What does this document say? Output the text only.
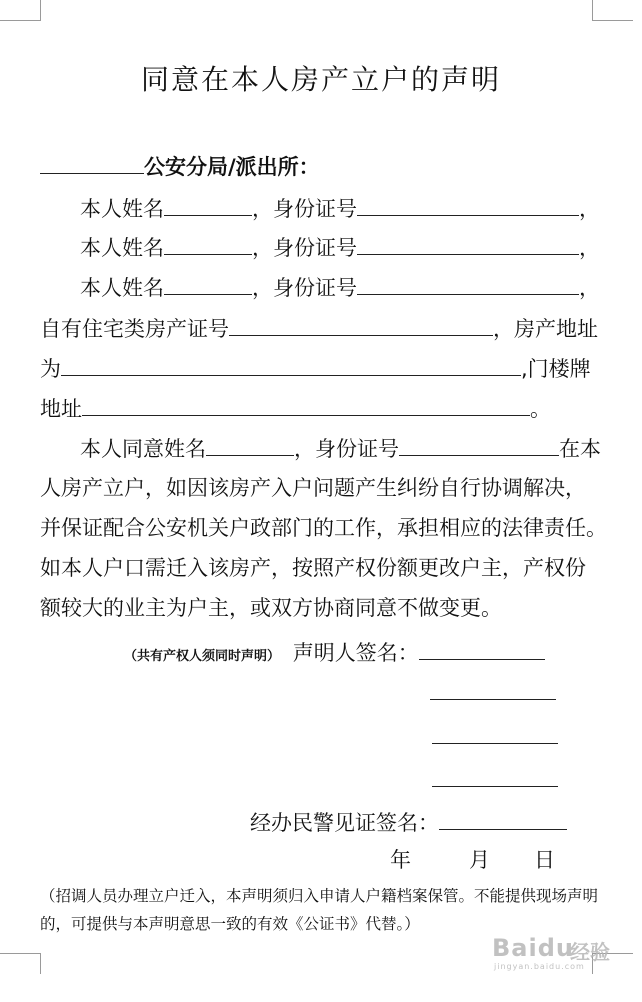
同意在本人房产立户的声明
公安分局/派出所：
本人姓名	，身份证号	，
本人姓名	，身份证号	，
本人姓名	，身份证号	，
自有住宅类房产证号	，房产地址
为	,门楼牌
地址	。
本人同意姓名	，身份证号	在本
人房产立户，如因该房产入户问题产生纠纷自行协调解决，
并保证配合公安机关户政部门的工作，承担相应的法律责任。
如本人户口需迁入该房产，按照产权份额更改户主，产权份
额较大的业主为户主，或双方协商同意不做变更。
（共有产权人须同时声明） 声明人签名：
经办民警见证签名：
年	月 日
（招调人员办理立户迁入，本声明须归入申请人户籍档案保管。不能提供现场声明的，可提供与本声明意思一致的有效《公证书》代替。）
Baidu
经验
jingyan.baidu.com
